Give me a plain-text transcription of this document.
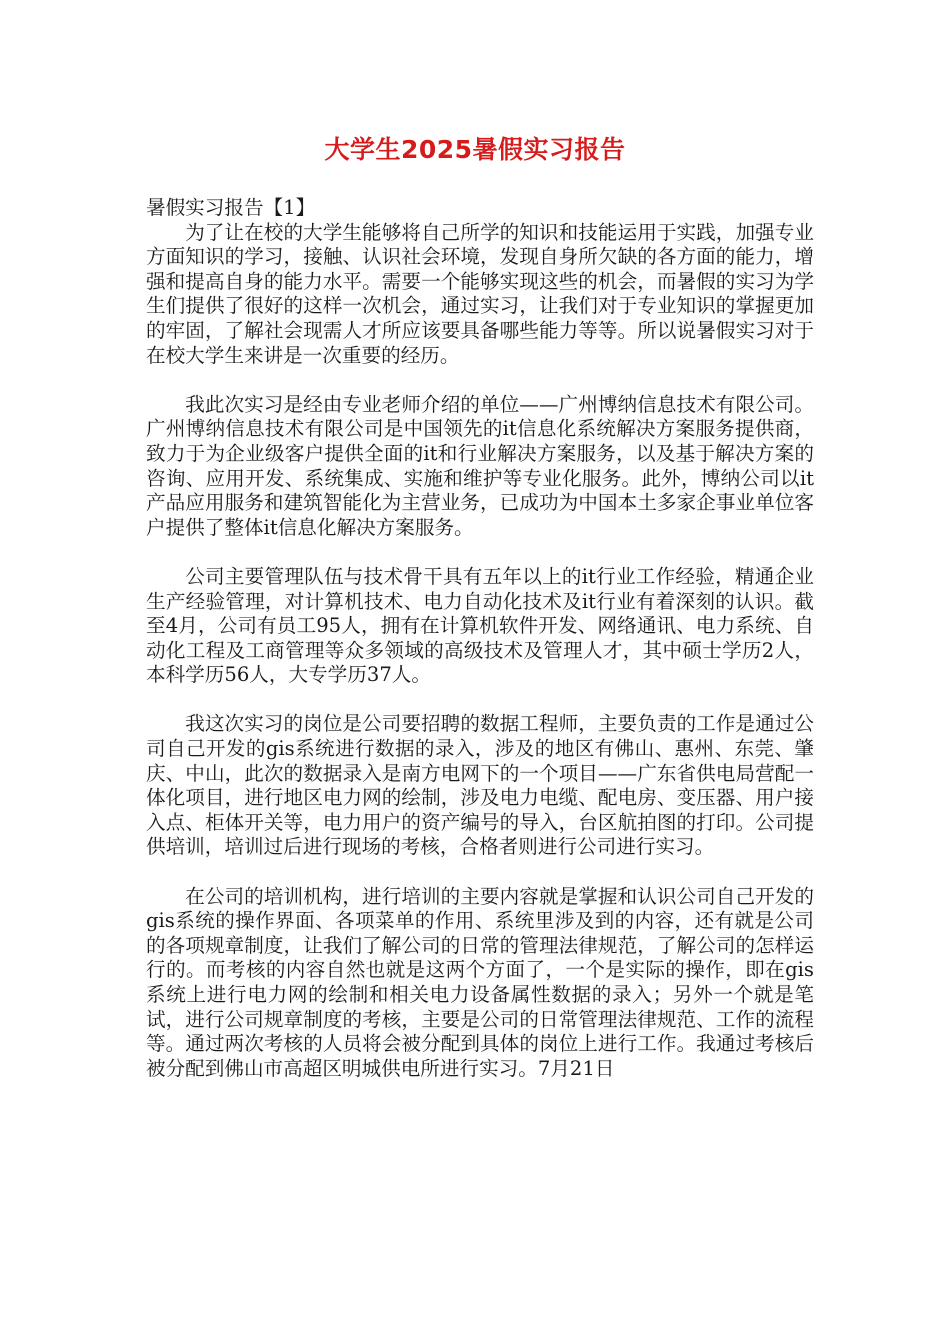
大学生2025暑假实习报告

暑假实习报告【1】

为了让在校的大学生能够将自己所学的知识和技能运用于实践，加强专业方面知识的学习，接触、认识社会环境，发现自身所欠缺的各方面的能力，增强和提高自身的能力水平。需要一个能够实现这些的机会，而暑假的实习为学生们提供了很好的这样一次机会，通过实习，让我们对于专业知识的掌握更加的牢固，了解社会现需人才所应该要具备哪些能力等等。所以说暑假实习对于在校大学生来讲是一次重要的经历。

我此次实习是经由专业老师介绍的单位——广州博纳信息技术有限公司。广州博纳信息技术有限公司是中国领先的it信息化系统解决方案服务提供商，致力于为企业级客户提供全面的it和行业解决方案服务，以及基于解决方案的咨询、应用开发、系统集成、实施和维护等专业化服务。此外，博纳公司以it产品应用服务和建筑智能化为主营业务，已成功为中国本土多家企事业单位客户提供了整体it信息化解决方案服务。

公司主要管理队伍与技术骨干具有五年以上的it行业工作经验，精通企业生产经验管理，对计算机技术、电力自动化技术及it行业有着深刻的认识。截至4月，公司有员工95人，拥有在计算机软件开发、网络通讯、电力系统、自动化工程及工商管理等众多领域的高级技术及管理人才，其中硕士学历2人，本科学历56人，大专学历37人。

我这次实习的岗位是公司要招聘的数据工程师，主要负责的工作是通过公司自己开发的gis系统进行数据的录入，涉及的地区有佛山、惠州、东莞、肇庆、中山，此次的数据录入是南方电网下的一个项目——广东省供电局营配一体化项目，进行地区电力网的绘制，涉及电力电缆、配电房、变压器、用户接入点、柜体开关等，电力用户的资产编号的导入，台区航拍图的打印。公司提供培训，培训过后进行现场的考核，合格者则进行公司进行实习。

在公司的培训机构，进行培训的主要内容就是掌握和认识公司自己开发的gis系统的操作界面、各项菜单的作用、系统里涉及到的内容，还有就是公司的各项规章制度，让我们了解公司的日常的管理法律规范，了解公司的怎样运行的。而考核的内容自然也就是这两个方面了，一个是实际的操作，即在gis系统上进行电力网的绘制和相关电力设备属性数据的录入；另外一个就是笔试，进行公司规章制度的考核，主要是公司的日常管理法律规范、工作的流程等。通过两次考核的人员将会被分配到具体的岗位上进行工作。我通过考核后被分配到佛山市高超区明城供电所进行实习。7月21日
